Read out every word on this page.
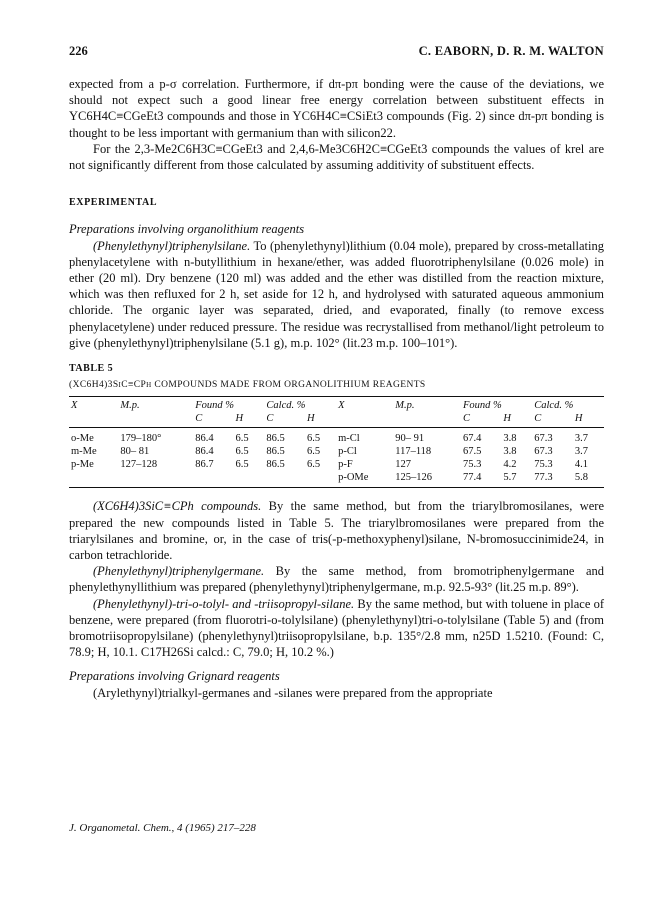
226	C. EABORN, D. R. M. WALTON

expected from a p-σ correlation. Furthermore, if dπ-pπ bonding were the cause of the deviations, we should not expect such a good linear free energy correlation between substituent effects in YC6H4C≡CGeEt3 compounds and those in YC6H4C≡CSiEt3 compounds (Fig. 2) since dπ-pπ bonding is thought to be less important with germanium than with silicon22.

For the 2,3-Me2C6H3C≡CGeEt3 and 2,4,6-Me3C6H2C≡CGeEt3 compounds the values of krel are not significantly different from those calculated by assuming additivity of substituent effects.

EXPERIMENTAL

Preparations involving organolithium reagents

(Phenylethynyl)triphenylsilane. To (phenylethynyl)lithium (0.04 mole), prepared by cross-metallating phenylacetylene with n-butyllithium in hexane/ether, was added fluorotriphenylsilane (0.026 mole) in ether (20 ml). Dry benzene (120 ml) was added and the ether was distilled from the reaction mixture, which was then refluxed for 2 h, set aside for 12 h, and hydrolysed with saturated aqueous ammonium chloride. The organic layer was separated, dried, and evaporated, finally (to remove excess phenylacetylene) under reduced pressure. The residue was recrystallised from methanol/light petroleum to give (phenylethynyl)triphenylsilane (5.1 g), m.p. 102° (lit.23 m.p. 100–101°).

TABLE 5
(XC6H4)3SiC≡CPh COMPOUNDS MADE FROM ORGANOLITHIUM REAGENTS
X	M.p.	Found %		Calcd. %		X	M.p.	Found %		Calcd. %	
		C	H	C	H			C	H	C	H
o-Me	179–180°	86.4	6.5	86.5	6.5	m-Cl	90– 91	67.4	3.8	67.3	3.7
m-Me	80– 81	86.4	6.5	86.5	6.5	p-Cl	117–118	67.5	3.8	67.3	3.7
p-Me	127–128	86.7	6.5	86.5	6.5	p-F	127	75.3	4.2	75.3	4.1
						p-OMe	125–126	77.4	5.7	77.3	5.8

(XC6H4)3SiC≡CPh compounds. By the same method, but from the triarylbromosilanes, were prepared the new compounds listed in Table 5. The triarylbromosilanes were prepared from the triarylsilanes and bromine, or, in the case of tris(-p-methoxyphenyl)silane, N-bromosuccinimide24, in carbon tetrachloride.

(Phenylethynyl)triphenylgermane. By the same method, from bromotriphenylgermane and phenylethynyllithium was prepared (phenylethynyl)triphenylgermane, m.p. 92.5-93° (lit.25 m.p. 89°).

(Phenylethynyl)-tri-o-tolyl- and -triisopropyl-silane. By the same method, but with toluene in place of benzene, were prepared (from fluorotri-o-tolylsilane) (phenylethynyl)tri-o-tolylsilane (Table 5) and (from bromotriisopropylsilane) (phenylethynyl)triisopropylsilane, b.p. 135°/2.8 mm, n25D 1.5210. (Found: C, 78.9; H, 10.1. C17H26Si calcd.: C, 79.0; H, 10.2 %.)

Preparations involving Grignard reagents

(Arylethynyl)trialkyl-germanes and -silanes were prepared from the appropriate

J. Organometal. Chem., 4 (1965) 217–228
